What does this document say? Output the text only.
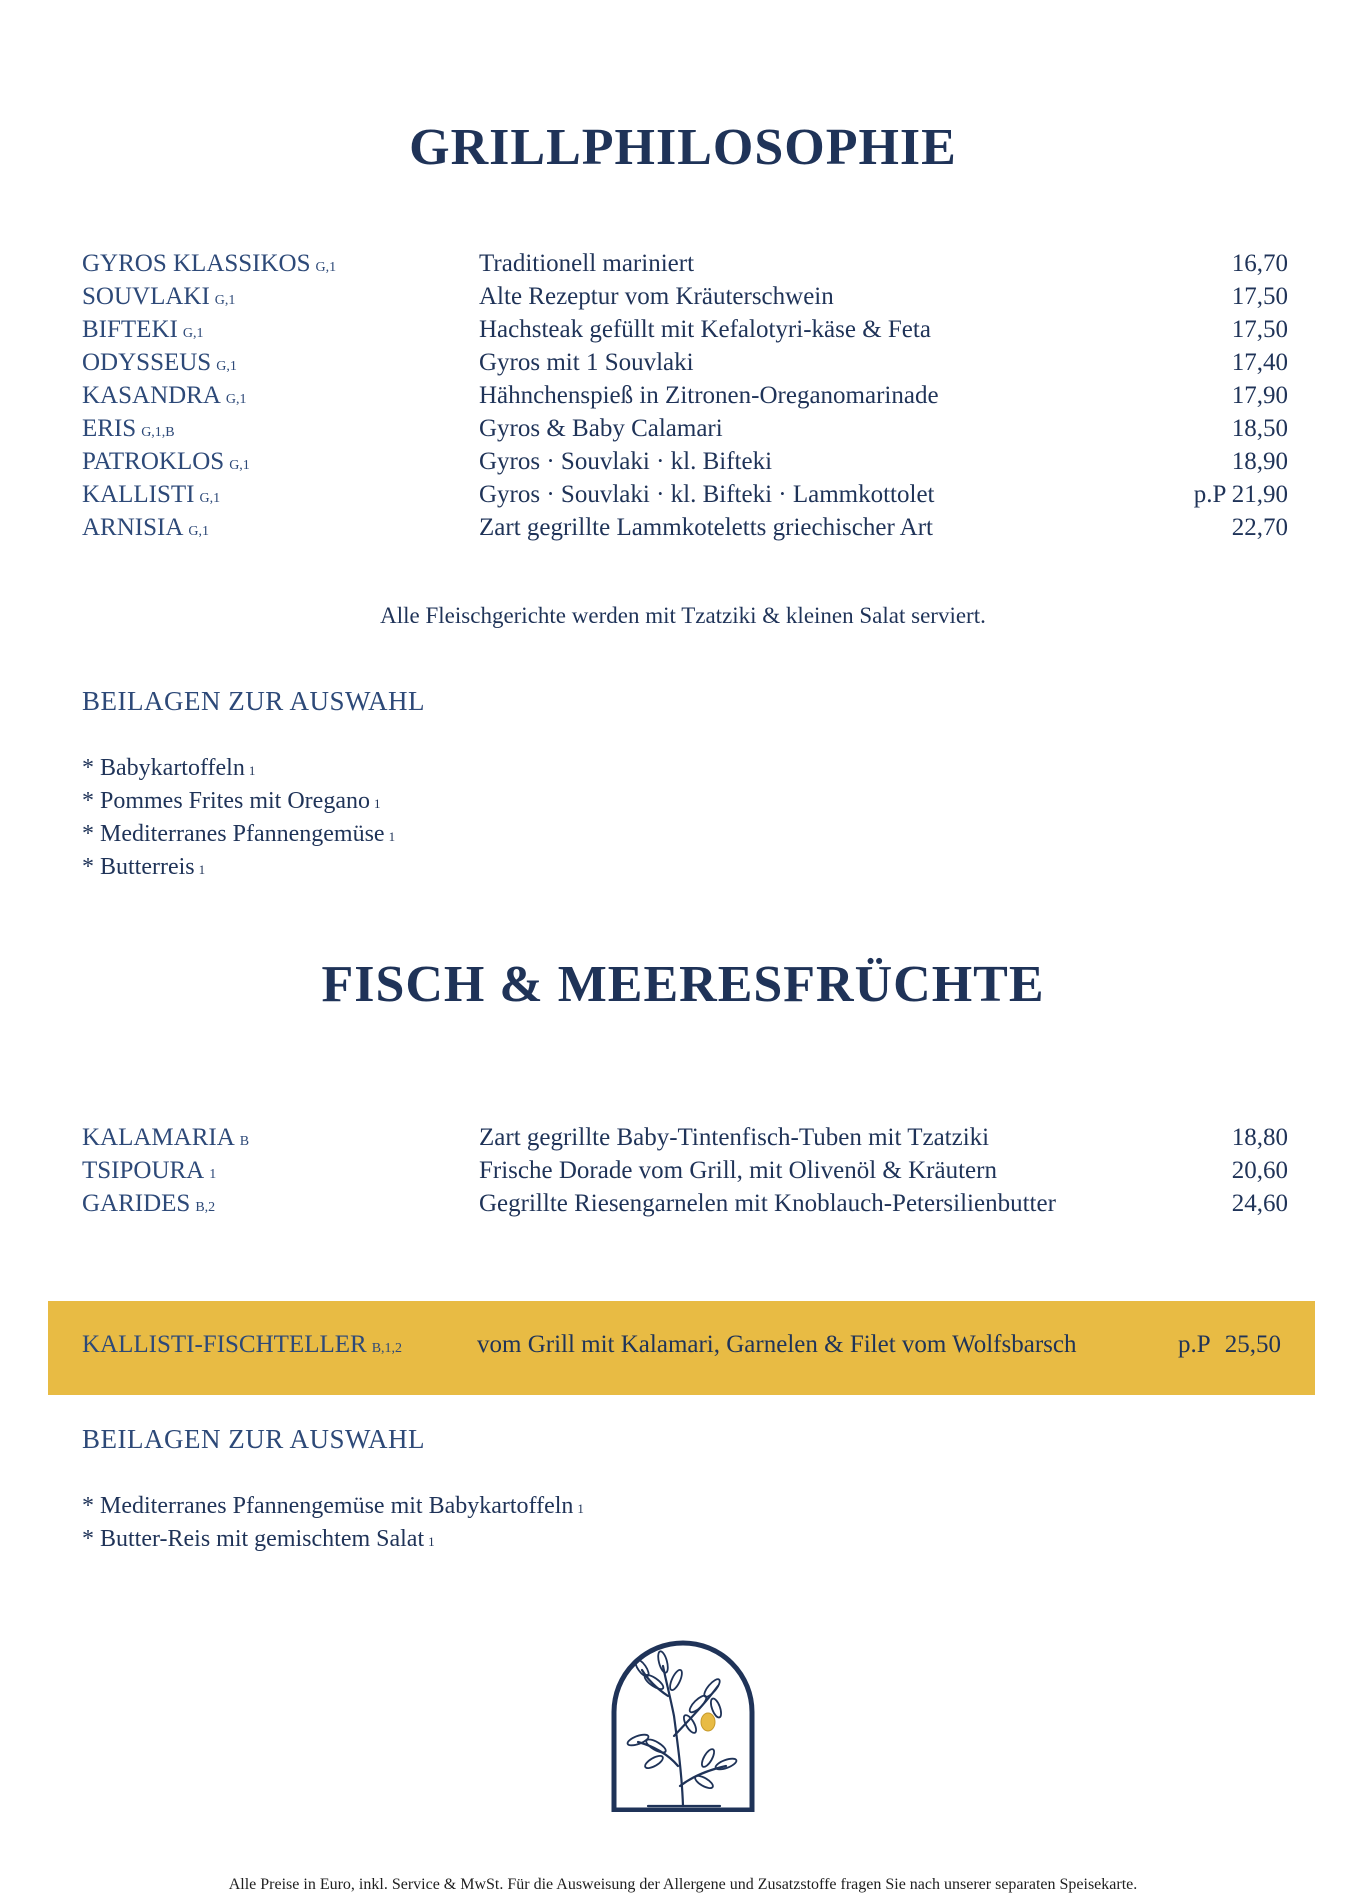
GRILLPHILOSOPHIE
GYROS KLASSIKOS G,1	Traditionell mariniert	16,70
SOUVLAKI G,1	Alte Rezeptur vom Kräuterschwein	17,50
BIFTEKI G,1	Hachsteak gefüllt mit Kefalotyri-käse & Feta	17,50
ODYSSEUS G,1	Gyros mit 1 Souvlaki	17,40
KASANDRA G,1	Hähnchenspieß in Zitronen-Oreganomarinade	17,90
ERIS G,1,B	Gyros & Baby Calamari	18,50
PATROKLOS G,1	Gyros · Souvlaki · kl. Bifteki	18,90
KALLISTI G,1	Gyros · Souvlaki · kl. Bifteki · Lammkottolet	p.P 21,90
ARNISIA G,1	Zart gegrillte Lammkoteletts griechischer Art	22,70
Alle Fleischgerichte werden mit Tzatziki & kleinen Salat serviert.
BEILAGEN ZUR AUSWAHL
* Babykartoffeln 1
* Pommes Frites mit Oregano 1
* Mediterranes Pfannengemüse 1
* Butterreis 1
FISCH & MEERESFRÜCHTE
KALAMARIA B	Zart gegrillte Baby-Tintenfisch-Tuben mit Tzatziki	18,80
TSIPOURA 1	Frische Dorade vom Grill, mit Olivenöl & Kräutern	20,60
GARIDES B,2	Gegrillte Riesengarnelen mit Knoblauch-Petersilienbutter	24,60
KALLISTI-FISCHTELLER B,1,2	vom Grill mit Kalamari, Garnelen & Filet vom Wolfsbarsch	p.P 25,50
BEILAGEN ZUR AUSWAHL
* Mediterranes Pfannengemüse mit Babykartoffeln 1
* Butter-Reis mit gemischtem Salat 1
Alle Preise in Euro, inkl. Service & MwSt. Für die Ausweisung der Allergene und Zusatzstoffe fragen Sie nach unserer separaten Speisekarte.
